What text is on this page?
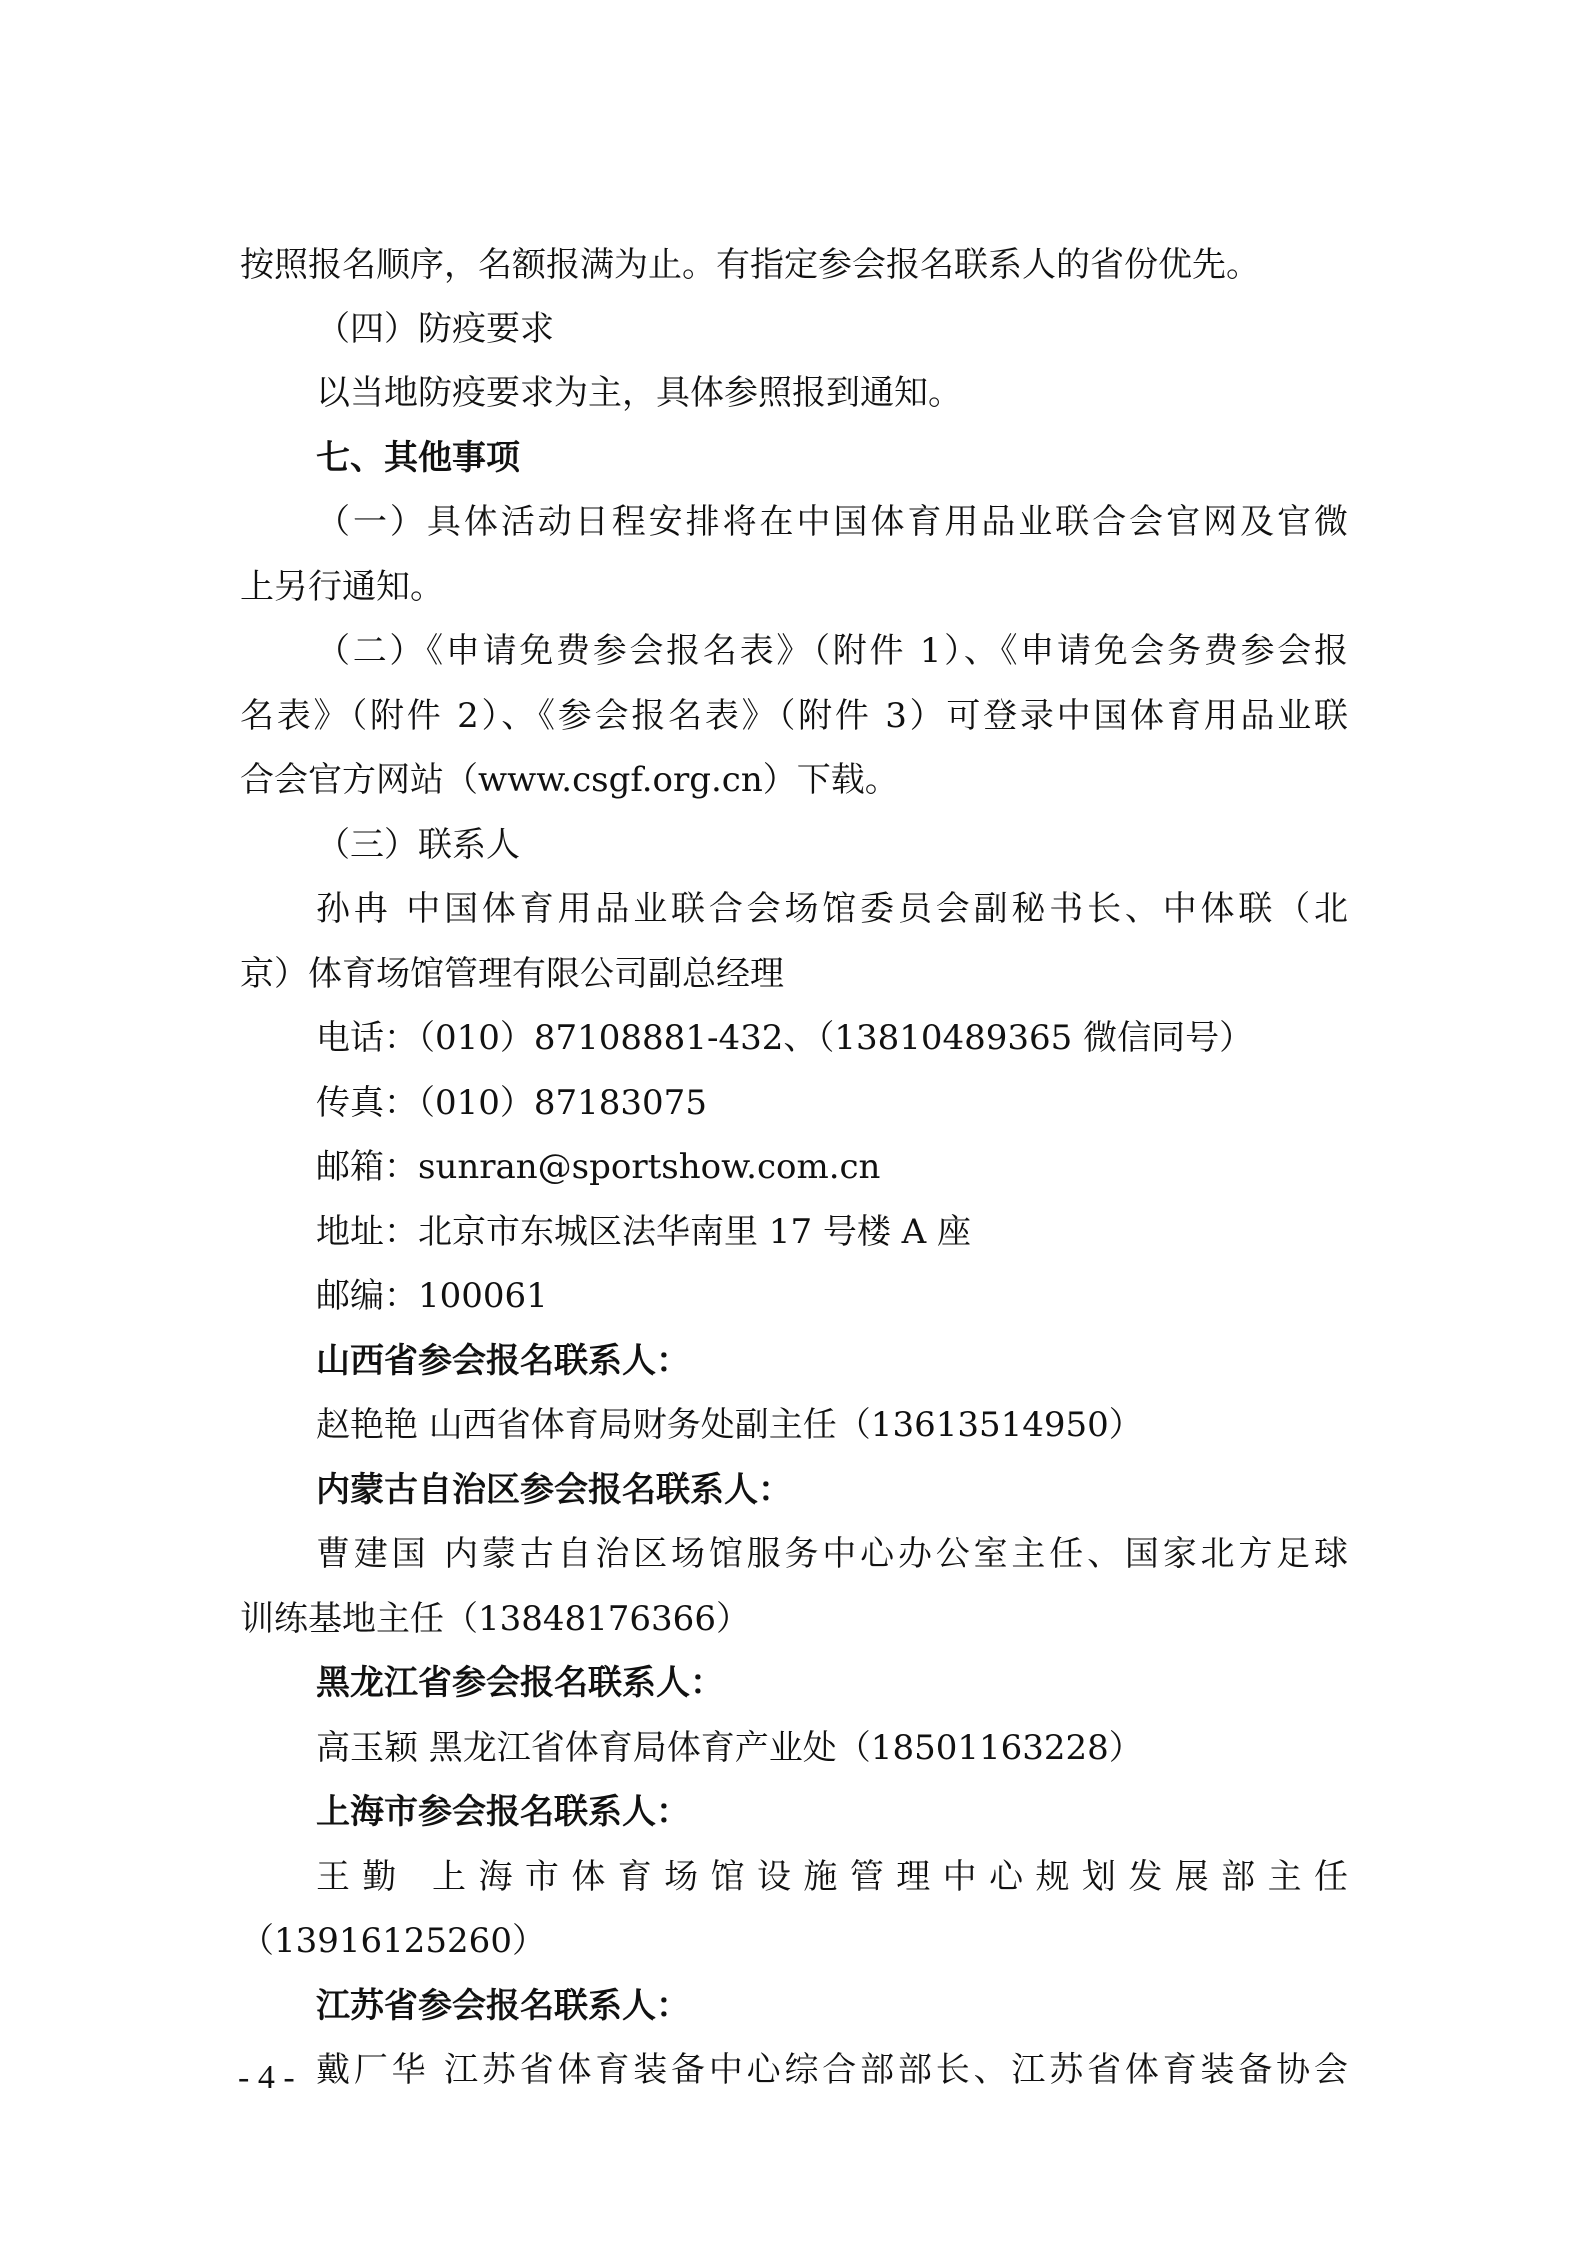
按照报名顺序，名额报满为止。有指定参会报名联系人的省份优先。

（四）防疫要求

以当地防疫要求为主，具体参照报到通知。

七、其他事项

（一）具体活动日程安排将在中国体育用品业联合会官网及官微

上另行通知。

（二）《申请免费参会报名表》（附件 1）、《申请免会务费参会报

名表》（附件 2）、《参会报名表》（附件 3）可登录中国体育用品业联

合会官方网站（www.csgf.org.cn）下载。

（三）联系人

孙冉 中国体育用品业联合会场馆委员会副秘书长、中体联（北

京）体育场馆管理有限公司副总经理

电话：（010）87108881-432、（13810489365 微信同号）

传真：（010）87183075

邮箱：sunran@sportshow.com.cn

地址：北京市东城区法华南里 17 号楼 A 座

邮编：100061

山西省参会报名联系人：

赵艳艳 山西省体育局财务处副主任（13613514950）

内蒙古自治区参会报名联系人：

曹建国 内蒙古自治区场馆服务中心办公室主任、国家北方足球

训练基地主任（13848176366）

黑龙江省参会报名联系人：

高玉颖 黑龙江省体育局体育产业处（18501163228）

上海市参会报名联系人：

王勤 上海市体育场馆设施管理中心规划发展部主任

（13916125260）

江苏省参会报名联系人：

戴厂华 江苏省体育装备中心综合部部长、江苏省体育装备协会

- 4 -
